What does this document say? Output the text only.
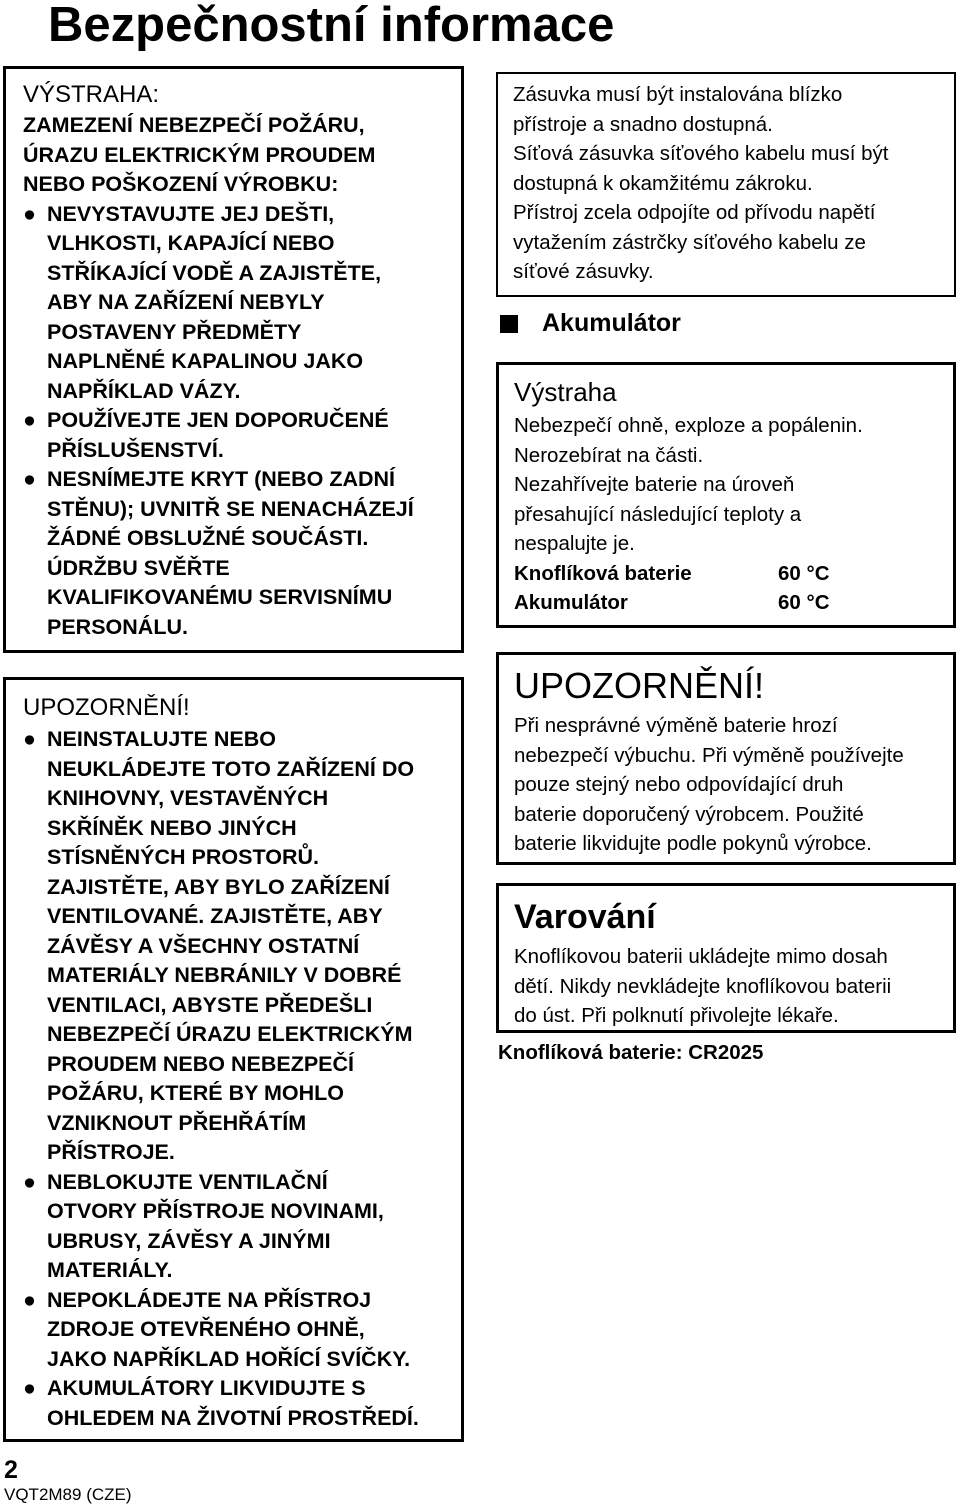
Bezpečnostní informace
VÝSTRAHA:
ZAMEZENÍ NEBEZPEČÍ POŽÁRU,
ÚRAZU ELEKTRICKÝM PROUDEM
NEBO POŠKOZENÍ VÝROBKU:
● NEVYSTAVUJTE JEJ DEŠTI,
VLHKOSTI, KAPAJÍCÍ NEBO
STŘÍKAJÍCÍ VODĚ A ZAJISTĚTE,
ABY NA ZAŘÍZENÍ NEBYLY
POSTAVENY PŘEDMĚTY
NAPLNĚNÉ KAPALINOU JAKO
NAPŘÍKLAD VÁZY.
● POUŽÍVEJTE JEN DOPORUČENÉ
PŘÍSLUŠENSTVÍ.
● NESNÍMEJTE KRYT (NEBO ZADNÍ
STĚNU); UVNITŘ SE NENACHÁZEJÍ
ŽÁDNÉ OBSLUŽNÉ SOUČÁSTI.
ÚDRŽBU SVĚŘTE
KVALIFIKOVANÉMU SERVISNÍMU
PERSONÁLU.
UPOZORNĚNÍ!
● NEINSTALUJTE NEBO
NEUKLÁDEJTE TOTO ZAŘÍZENÍ DO
KNIHOVNY, VESTAVĚNÝCH
SKŘÍNĚK NEBO JINÝCH
STÍSNĚNÝCH PROSTORŮ.
ZAJISTĚTE, ABY BYLO ZAŘÍZENÍ
VENTILOVANÉ. ZAJISTĚTE, ABY
ZÁVĚSY A VŠECHNY OSTATNÍ
MATERIÁLY NEBRÁNILY V DOBRÉ
VENTILACI, ABYSTE PŘEDEŠLI
NEBEZPEČÍ ÚRAZU ELEKTRICKÝM
PROUDEM NEBO NEBEZPEČÍ
POŽÁRU, KTERÉ BY MOHLO
VZNIKNOUT PŘEHŘÁTÍM
PŘÍSTROJE.
● NEBLOKUJTE VENTILAČNÍ
OTVORY PŘÍSTROJE NOVINAMI,
UBRUSY, ZÁVĚSY A JINÝMI
MATERIÁLY.
● NEPOKLÁDEJTE NA PŘÍSTROJ
ZDROJE OTEVŘENÉHO OHNĚ,
JAKO NAPŘÍKLAD HOŘÍCÍ SVÍČKY.
● AKUMULÁTORY LIKVIDUJTE S
OHLEDEM NA ŽIVOTNÍ PROSTŘEDÍ.
Zásuvka musí být instalována blízko
přístroje a snadno dostupná.
Síťová zásuvka síťového kabelu musí být
dostupná k okamžitému zákroku.
Přístroj zcela odpojíte od přívodu napětí
vytažením zástrčky síťového kabelu ze
síťové zásuvky.
Akumulátor
Výstraha
Nebezpečí ohně, exploze a popálenin.
Nerozebírat na části.
Nezahřívejte baterie na úroveň
přesahující následující teploty a
nespalujte je.
Knoflíková baterie	60 °C
Akumulátor	60 °C
UPOZORNĚNÍ!
Při nesprávné výměně baterie hrozí
nebezpečí výbuchu. Při výměně používejte
pouze stejný nebo odpovídající druh
baterie doporučený výrobcem. Použité
baterie likvidujte podle pokynů výrobce.
Varování
Knoflíkovou baterii ukládejte mimo dosah
dětí. Nikdy nevkládejte knoflíkovou baterii
do úst. Při polknutí přivolejte lékaře.
Knoflíková baterie: CR2025
2
VQT2M89 (CZE)
